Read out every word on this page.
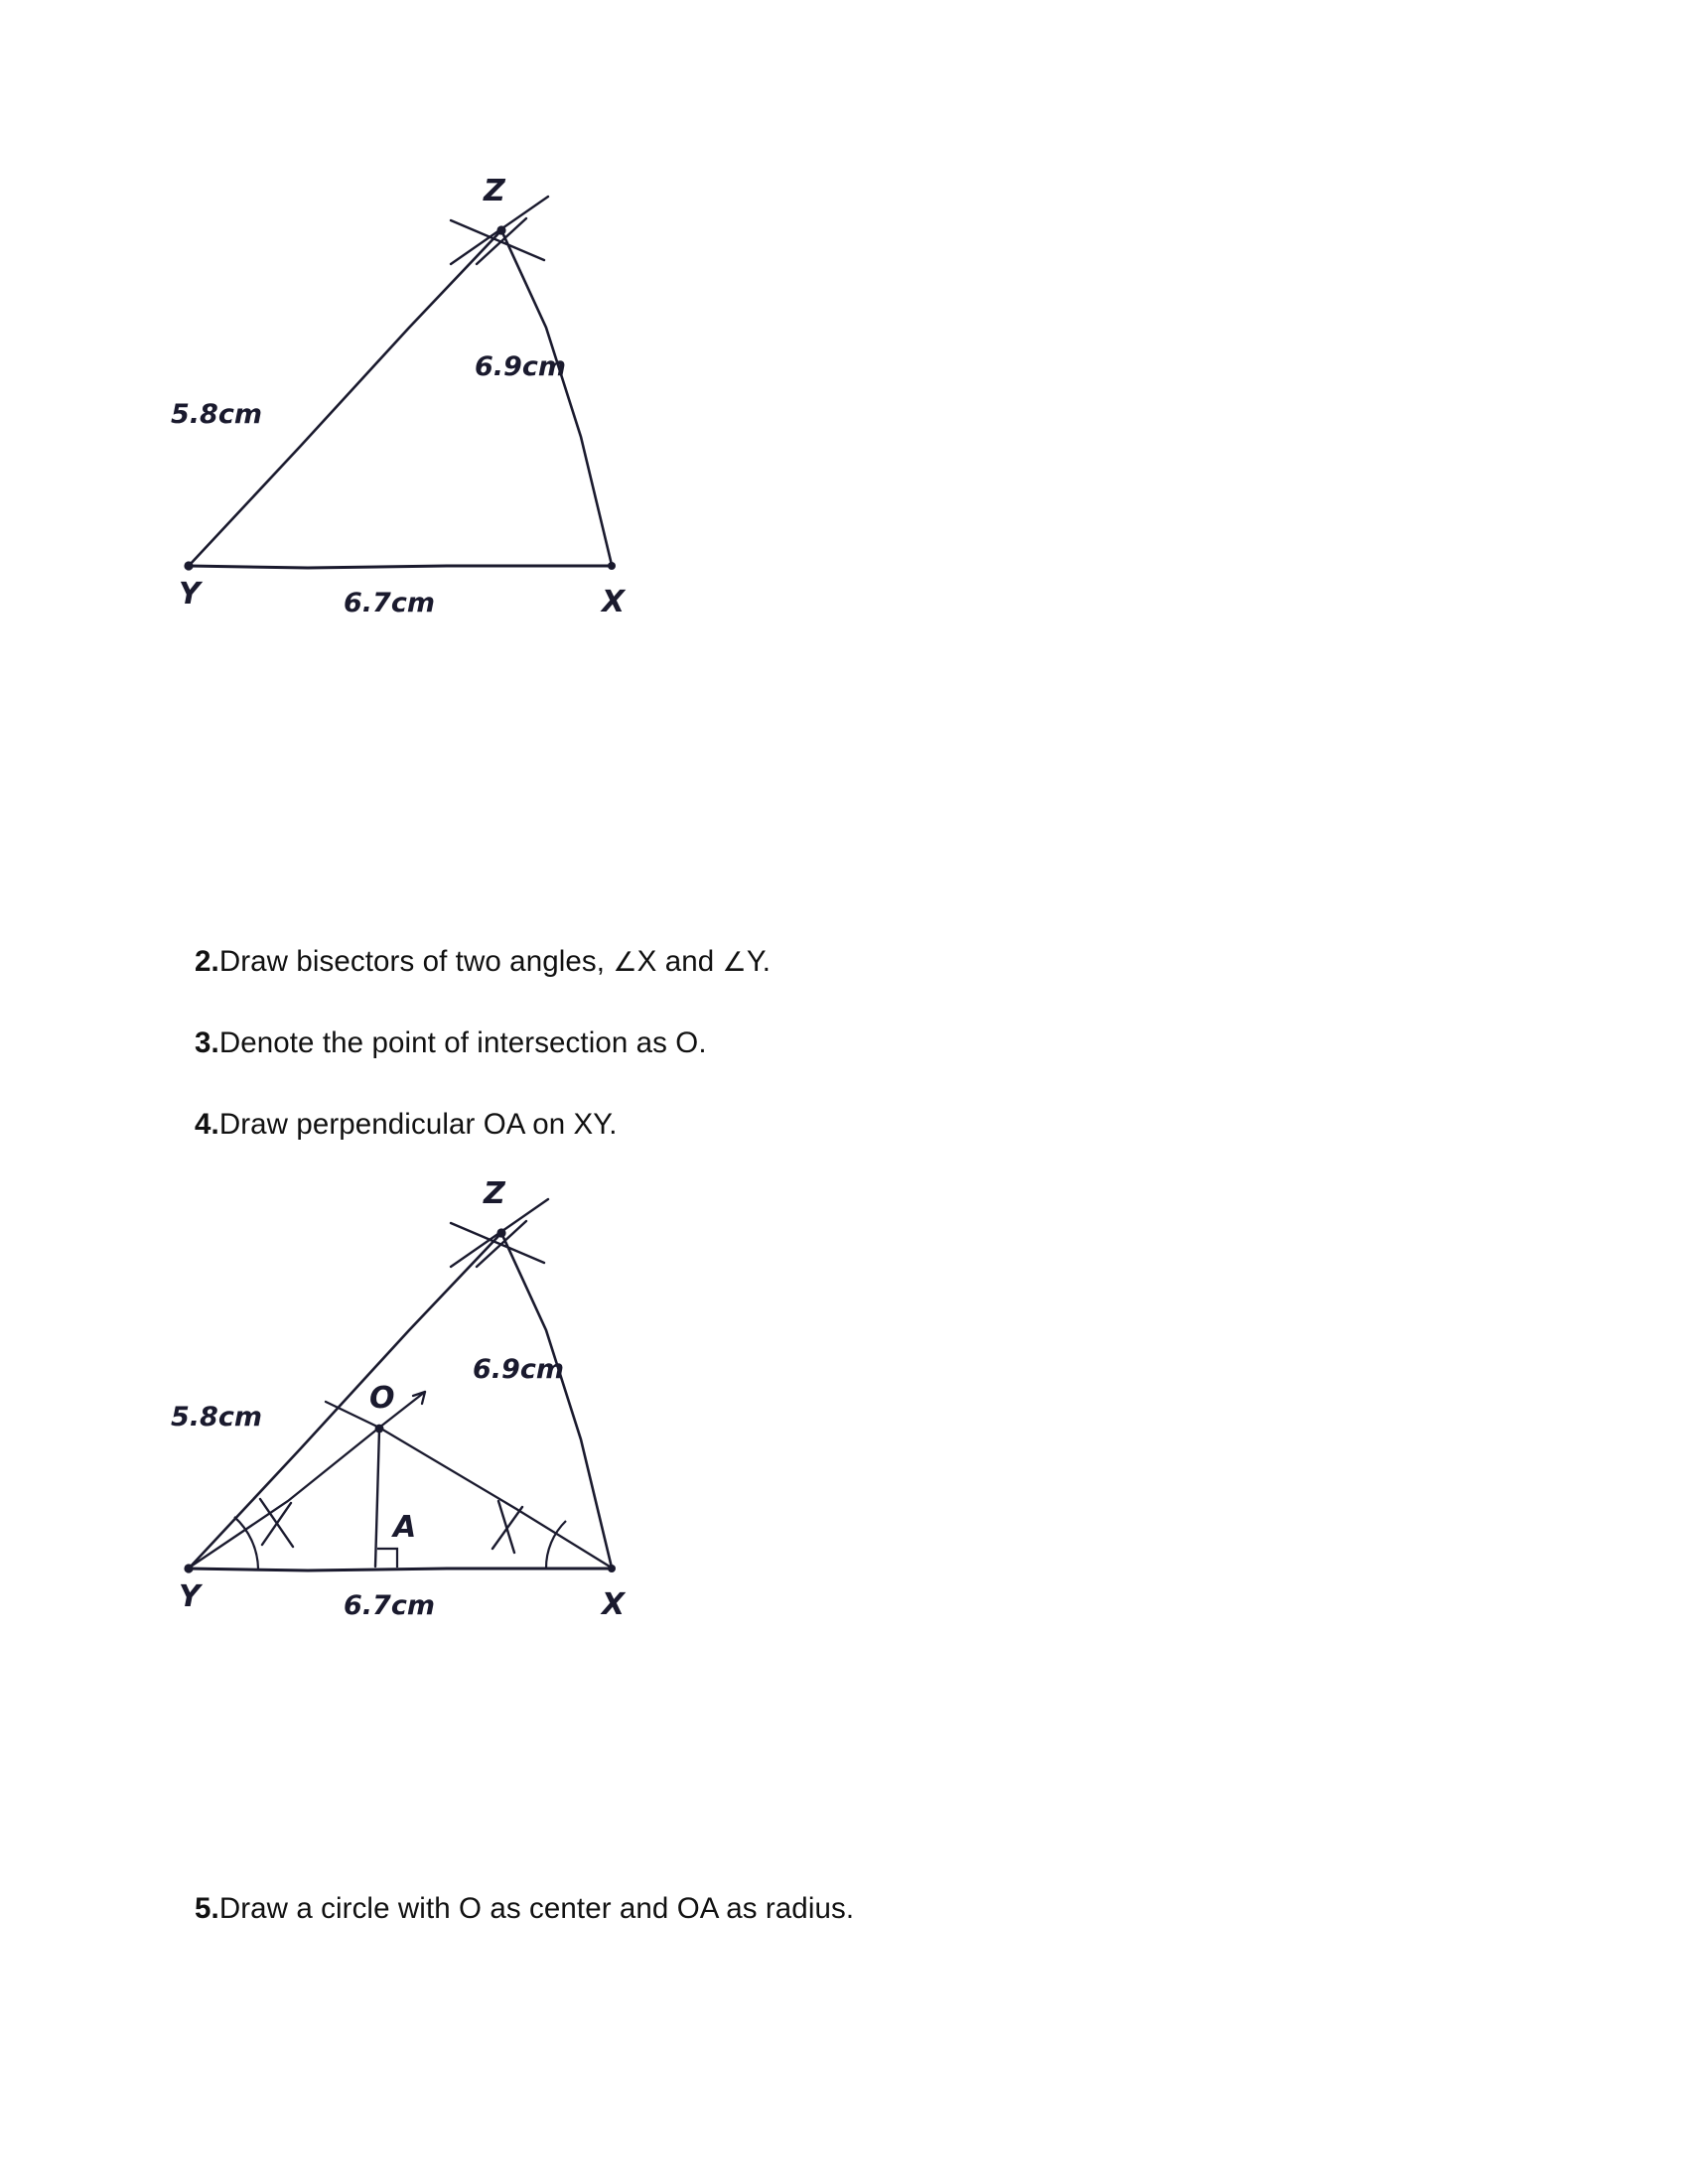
Z
Y	X
5.8cm
6.9cm
6.7cm
2.Draw bisectors of two angles, ∠X and ∠Y.
3.Denote the point of intersection as O.
4.Draw perpendicular OA on XY.
Z
Y	X
O
A
5.8cm
6.9cm
6.7cm
5.Draw a circle with O as center and OA as radius.
